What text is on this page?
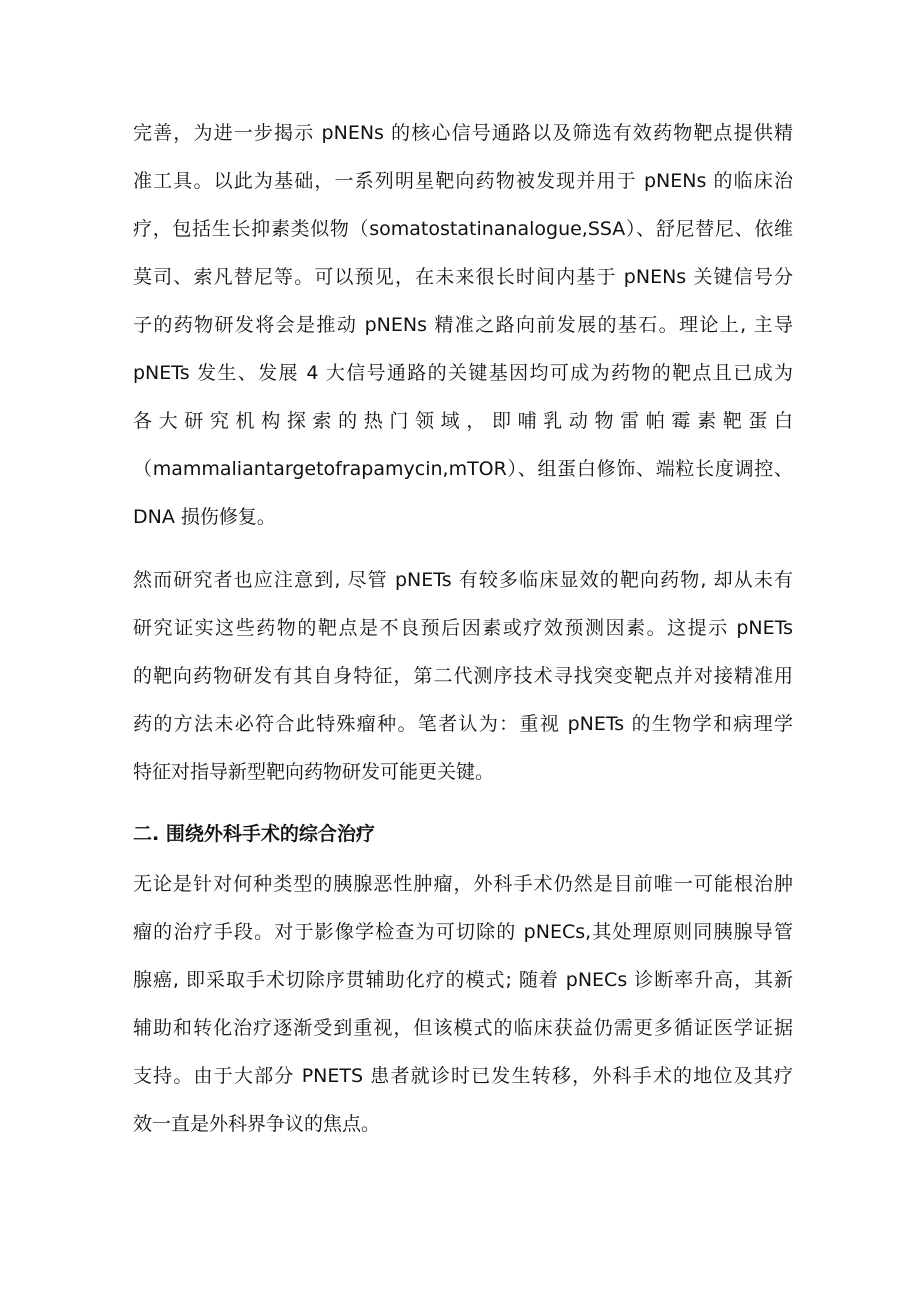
完善，为进一步揭示 pNENs 的核心信号通路以及筛选有效药物靶点提供精
准工具。以此为基础，一系列明星靶向药物被发现并用于 pNENs 的临床治
疗，包括生长抑素类似物（somatostatinanalogue,SSA）、舒尼替尼、依维
莫司、索凡替尼等。可以预见，在未来很长时间内基于 pNENs 关键信号分
子的药物研发将会是推动 pNENs 精准之路向前发展的基石。理论上, 主导
pNETs 发生、发展 4 大信号通路的关键基因均可成为药物的靶点且已成为
各 大 研 究 机 构 探 索 的 热 门 领 域 ， 即 哺 乳 动 物 雷 帕 霉 素 靶 蛋 白
（mammaliantargetofrapamycin,mTOR）、组蛋白修饰、端粒长度调控、
DNA 损伤修复。
然而研究者也应注意到, 尽管 pNETs 有较多临床显效的靶向药物, 却从未有
研究证实这些药物的靶点是不良预后因素或疗效预测因素。这提示 pNETs
的靶向药物研发有其自身特征，第二代测序技术寻找突变靶点并对接精准用
药的方法未必符合此特殊瘤种。笔者认为：重视 pNETs 的生物学和病理学
特征对指导新型靶向药物研发可能更关键。
二. 围绕外科手术的综合治疗
无论是针对何种类型的胰腺恶性肿瘤，外科手术仍然是目前唯一可能根治肿
瘤的治疗手段。对于影像学检查为可切除的 pNECs,其处理原则同胰腺导管
腺癌, 即采取手术切除序贯辅助化疗的模式; 随着 pNECs 诊断率升高，其新
辅助和转化治疗逐渐受到重视，但该模式的临床获益仍需更多循证医学证据
支持。由于大部分 PNETS 患者就诊时已发生转移，外科手术的地位及其疗
效一直是外科界争议的焦点。
